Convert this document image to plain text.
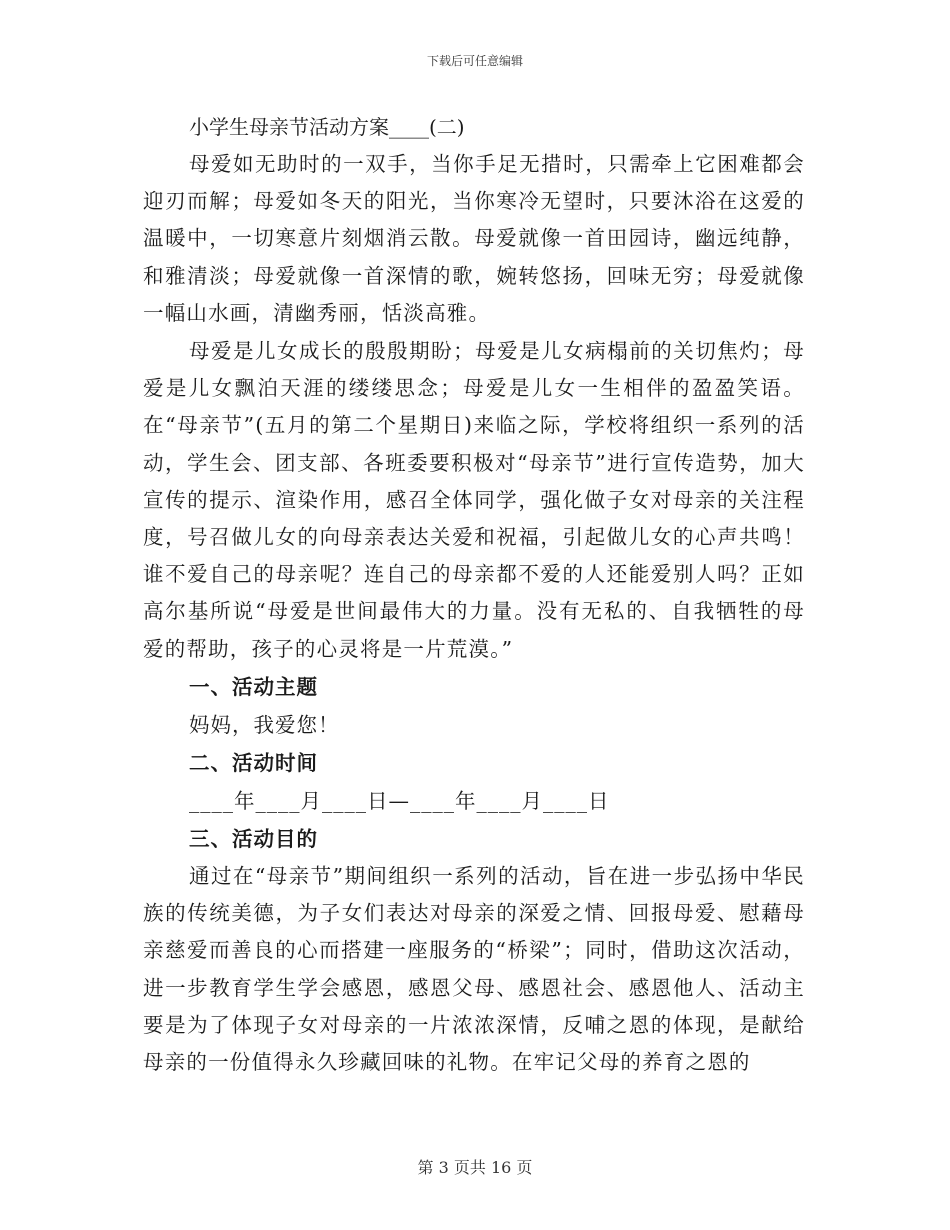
下载后可任意编辑
小学生母亲节活动方案____(二)

母爱如无助时的一双手，当你手足无措时，只需牵上它困难都会迎刃而解；母爱如冬天的阳光，当你寒冷无望时，只要沐浴在这爱的温暖中，一切寒意片刻烟消云散。母爱就像一首田园诗，幽远纯静，和雅清淡；母爱就像一首深情的歌，婉转悠扬，回味无穷；母爱就像一幅山水画，清幽秀丽，恬淡高雅。

母爱是儿女成长的殷殷期盼；母爱是儿女病榻前的关切焦灼；母爱是儿女飘泊天涯的缕缕思念；母爱是儿女一生相伴的盈盈笑语。在“母亲节”(五月的第二个星期日)来临之际，学校将组织一系列的活动，学生会、团支部、各班委要积极对“母亲节”进行宣传造势，加大宣传的提示、渲染作用，感召全体同学，强化做子女对母亲的关注程度，号召做儿女的向母亲表达关爱和祝福，引起做儿女的心声共鸣！谁不爱自己的母亲呢？连自己的母亲都不爱的人还能爱别人吗？正如高尔基所说“母爱是世间最伟大的力量。没有无私的、自我牺牲的母爱的帮助，孩子的心灵将是一片荒漠。”

一、活动主题
妈妈，我爱您！
二、活动时间
____年____月____日—____年____月____日
三、活动目的

通过在“母亲节”期间组织一系列的活动，旨在进一步弘扬中华民族的传统美德，为子女们表达对母亲的深爱之情、回报母爱、慰藉母亲慈爱而善良的心而搭建一座服务的“桥梁”；同时，借助这次活动，进一步教育学生学会感恩，感恩父母、感恩社会、感恩他人、活动主要是为了体现子女对母亲的一片浓浓深情，反哺之恩的体现，是献给母亲的一份值得永久珍藏回味的礼物。在牢记父母的养育之恩的

第 3 页共 16 页
